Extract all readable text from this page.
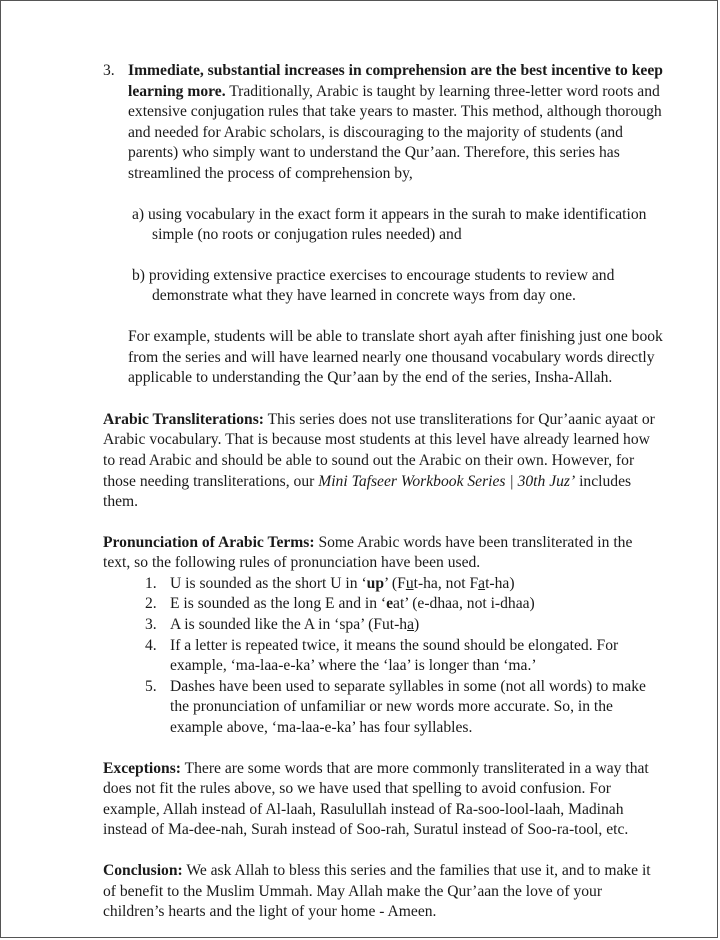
3. Immediate, substantial increases in comprehension are the best incentive to keep learning more. Traditionally, Arabic is taught by learning three-letter word roots and extensive conjugation rules that take years to master. This method, although thorough and needed for Arabic scholars, is discouraging to the majority of students (and parents) who simply want to understand the Qur’aan. Therefore, this series has streamlined the process of comprehension by,

a) using vocabulary in the exact form it appears in the surah to make identification simple (no roots or conjugation rules needed) and

b) providing extensive practice exercises to encourage students to review and demonstrate what they have learned in concrete ways from day one.

For example, students will be able to translate short ayah after finishing just one book from the series and will have learned nearly one thousand vocabulary words directly applicable to understanding the Qur’aan by the end of the series, Insha-Allah.

Arabic Transliterations: This series does not use transliterations for Qur’aanic ayaat or Arabic vocabulary. That is because most students at this level have already learned how to read Arabic and should be able to sound out the Arabic on their own. However, for those needing transliterations, our Mini Tafseer Workbook Series | 30th Juz’ includes them.

Pronunciation of Arabic Terms: Some Arabic words have been transliterated in the text, so the following rules of pronunciation have been used.

1. U is sounded as the short U in ‘up’ (Fut-ha, not Fat-ha)
2. E is sounded as the long E and in ‘eat’ (e-dhaa, not i-dhaa)
3. A is sounded like the A in ‘spa’ (Fut-ha)
4. If a letter is repeated twice, it means the sound should be elongated. For example, ‘ma-laa-e-ka’ where the ‘laa’ is longer than ‘ma.’
5. Dashes have been used to separate syllables in some (not all words) to make the pronunciation of unfamiliar or new words more accurate. So, in the example above, ‘ma-laa-e-ka’ has four syllables.

Exceptions: There are some words that are more commonly transliterated in a way that does not fit the rules above, so we have used that spelling to avoid confusion. For example, Allah instead of Al-laah, Rasulullah instead of Ra-soo-lool-laah, Madinah instead of Ma-dee-nah, Surah instead of Soo-rah, Suratul instead of Soo-ra-tool, etc.

Conclusion: We ask Allah to bless this series and the families that use it, and to make it of benefit to the Muslim Ummah. May Allah make the Qur’aan the love of your children’s hearts and the light of your home - Ameen.
